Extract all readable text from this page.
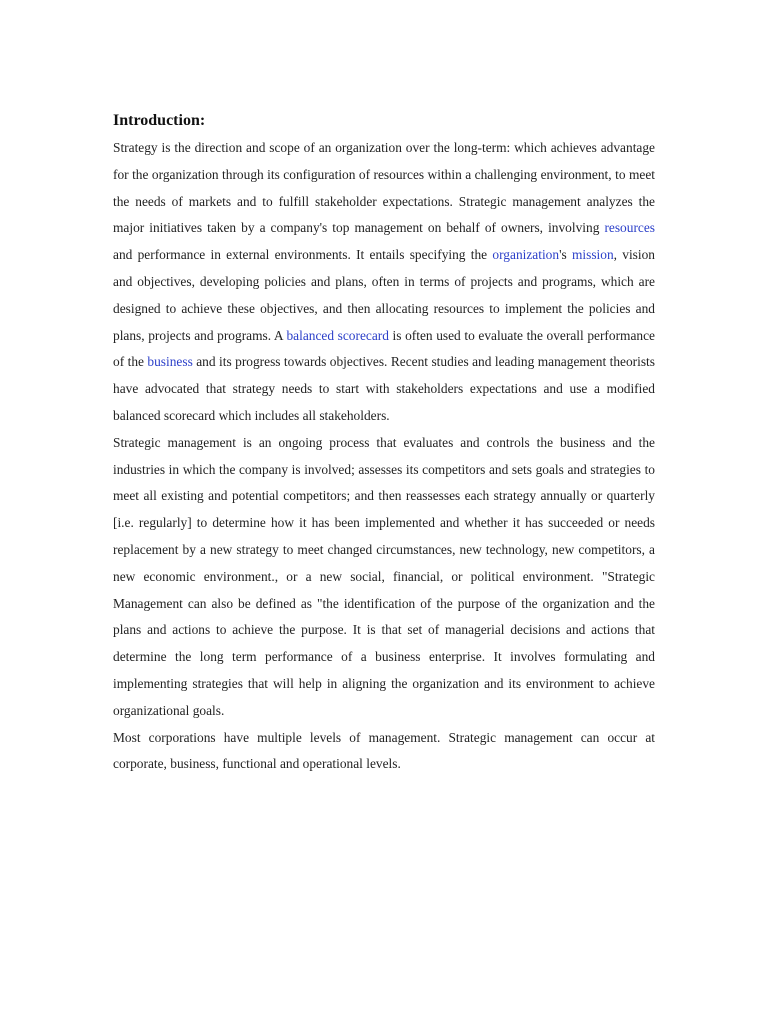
Introduction:

Strategy is the direction and scope of an organization over the long-term: which achieves advantage for the organization through its configuration of resources within a challenging environment, to meet the needs of markets and to fulfill stakeholder expectations. Strategic management analyzes the major initiatives taken by a company's top management on behalf of owners, involving resources and performance in external environments. It entails specifying the organization's mission, vision and objectives, developing policies and plans, often in terms of projects and programs, which are designed to achieve these objectives, and then allocating resources to implement the policies and plans, projects and programs. A balanced scorecard is often used to evaluate the overall performance of the business and its progress towards objectives. Recent studies and leading management theorists have advocated that strategy needs to start with stakeholders expectations and use a modified balanced scorecard which includes all stakeholders.

Strategic management is an ongoing process that evaluates and controls the business and the industries in which the company is involved; assesses its competitors and sets goals and strategies to meet all existing and potential competitors; and then reassesses each strategy annually or quarterly [i.e. regularly] to determine how it has been implemented and whether it has succeeded or needs replacement by a new strategy to meet changed circumstances, new technology, new competitors, a new economic environment., or a new social, financial, or political environment. "Strategic Management can also be defined as "the identification of the purpose of the organization and the plans and actions to achieve the purpose. It is that set of managerial decisions and actions that determine the long term performance of a business enterprise. It involves formulating and implementing strategies that will help in aligning the organization and its environment to achieve organizational goals.

Most corporations have multiple levels of management. Strategic management can occur at corporate, business, functional and operational levels.
